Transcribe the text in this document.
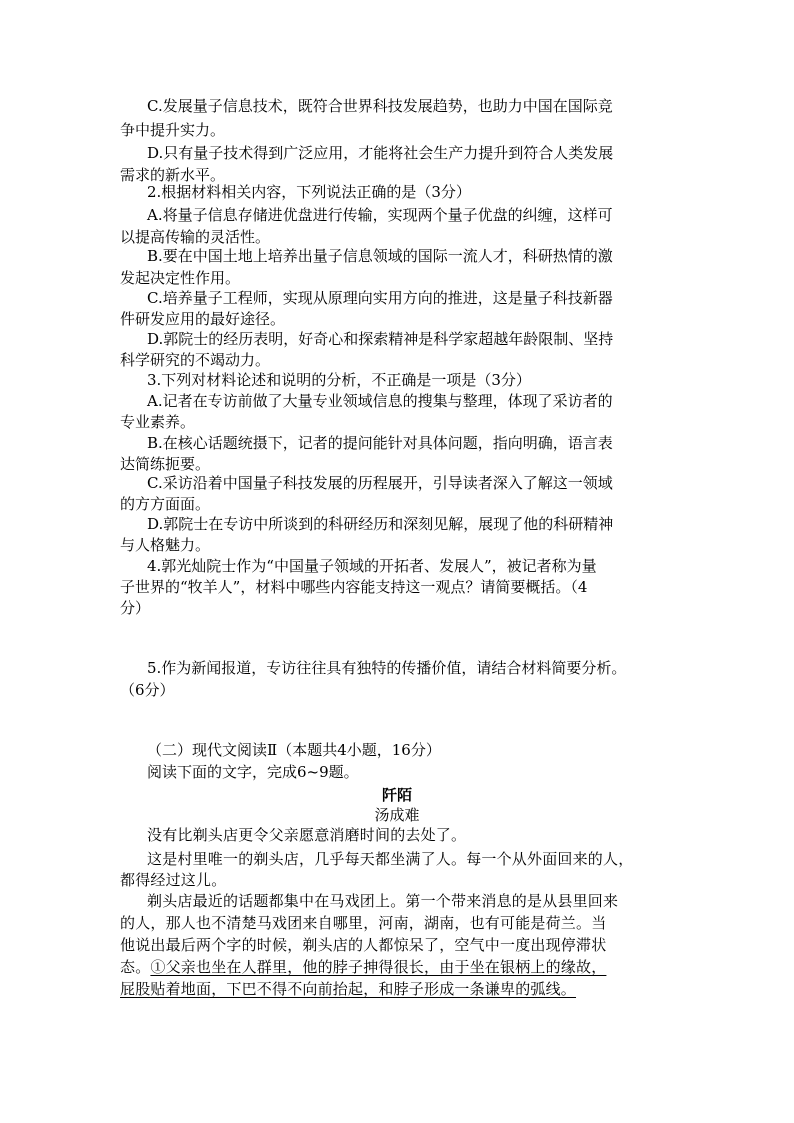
C.发展量子信息技术，既符合世界科技发展趋势，也助力中国在国际竞
争中提升实力。
D.只有量子技术得到广泛应用，才能将社会生产力提升到符合人类发展
需求的新水平。
2.根据材料相关内容，下列说法正确的是（3分）
A.将量子信息存储进优盘进行传输，实现两个量子优盘的纠缠，这样可
以提高传输的灵活性。
B.要在中国土地上培养出量子信息领域的国际一流人才，科研热情的激
发起决定性作用。
C.培养量子工程师，实现从原理向实用方向的推进，这是量子科技新器
件研发应用的最好途径。
D.郭院士的经历表明，好奇心和探索精神是科学家超越年龄限制、坚持
科学研究的不竭动力。
3.下列对材料论述和说明的分析，不正确是一项是（3分）
A.记者在专访前做了大量专业领域信息的搜集与整理，体现了采访者的
专业素养。
B.在核心话题统摄下，记者的提问能针对具体问题，指向明确，语言表
达简练扼要。
C.采访沿着中国量子科技发展的历程展开，引导读者深入了解这一领域
的方方面面。
D.郭院士在专访中所谈到的科研经历和深刻见解，展现了他的科研精神
与人格魅力。
4.郭光灿院士作为“中国量子领域的开拓者、发展人”，被记者称为量
子世界的“牧羊人”，材料中哪些内容能支持这一观点？请简要概括。（4
分）
5.作为新闻报道，专访往往具有独特的传播价值，请结合材料简要分析。
（6分）
（二）现代文阅读Ⅱ（本题共4小题，16分）
阅读下面的文字，完成6~9题。
阡陌
汤成难
没有比剃头店更令父亲愿意消磨时间的去处了。
这是村里唯一的剃头店，几乎每天都坐满了人。每一个从外面回来的人，
都得经过这儿。
剃头店最近的话题都集中在马戏团上。第一个带来消息的是从县里回来
的人，那人也不清楚马戏团来自哪里，河南，湖南，也有可能是荷兰。当
他说出最后两个字的时候，剃头店的人都惊呆了，空气中一度出现停滞状
态。①父亲也坐在人群里，他的脖子抻得很长，由于坐在银柄上的缘故，
屁股贴着地面，下巴不得不向前抬起，和脖子形成一条谦卑的弧线。
